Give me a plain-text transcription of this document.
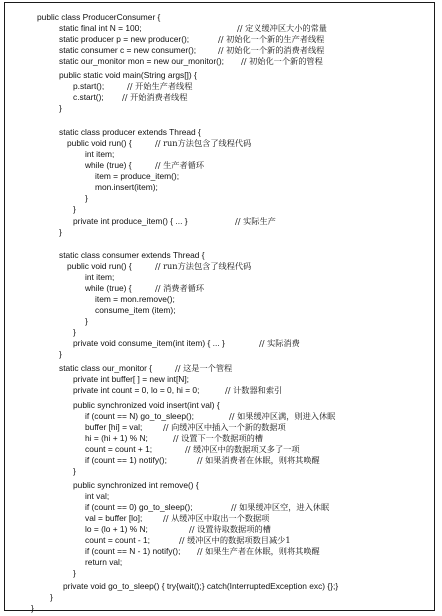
public class ProducerConsumer {
static final int N = 100;	// 定义缓冲区大小的常量
static producer p = new producer();	// 初始化一个新的生产者线程
static consumer c = new consumer();	// 初始化一个新的消费者线程
static our_monitor mon = new our_monitor(); // 初始化一个新的管程
public static void main(String args[]) {
p.start();	// 开始生产者线程
c.start(); // 开始消费者线程
}
static class producer extends Thread {
public void run() {	// run方法包含了线程代码
int item;
while (true) {	// 生产者循环
item = produce_item();
mon.insert(item);
}
}
private int produce_item() { ... }	// 实际生产
}
static class consumer extends Thread {
public void run() {	// run方法包含了线程代码
int item;
while (true) {	// 消费者循环
item = mon.remove();
consume_item (item);
}
}
private void consume_item(int item) { ... }	// 实际消费
}
static class our_monitor {	// 这是一个管程
private int buffer[ ] = new int[N];
private int count = 0, lo = 0, hi = 0;	// 计数器和索引
public synchronized void insert(int val) {
if (count == N) go_to_sleep();	// 如果缓冲区满，则进入休眠
buffer [hi] = val;	// 向缓冲区中插入一个新的数据项
hi = (hi + 1) % N;	// 设置下一个数据项的槽
count = count + 1;	// 缓冲区中的数据项又多了一项
if (count == 1) notify();	// 如果消费者在休眠，则将其唤醒
}
public synchronized int remove() {
int val;
if (count == 0) go_to_sleep();	// 如果缓冲区空，进入休眠
val = buffer [lo];	// 从缓冲区中取出一个数据项
lo = (lo + 1) % N;	// 设置待取数据项的槽
count = count - 1;	// 缓冲区中的数据项数目减少1
if (count == N - 1) notify(); // 如果生产者在休眠，则将其唤醒
return val;
}
private void go_to_sleep() { try{wait();} catch(InterruptedException exc) {};}
}
}
